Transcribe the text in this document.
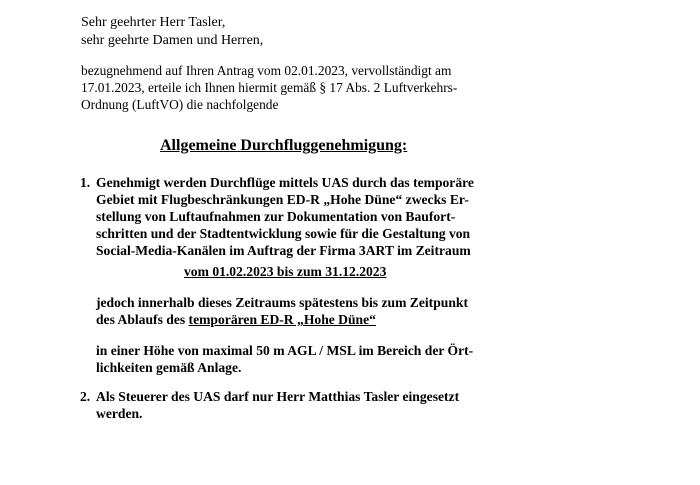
Sehr geehrter Herr Tasler,
sehr geehrte Damen und Herren,
bezugnehmend auf Ihren Antrag vom 02.01.2023, vervollständigt am
17.01.2023, erteile ich Ihnen hiermit gemäß § 17 Abs. 2 Luftverkehrs-
Ordnung (LuftVO) die nachfolgende
Allgemeine Durchfluggenehmigung:
1. Genehmigt werden Durchflüge mittels UAS durch das temporäre
Gebiet mit Flugbeschränkungen ED-R „Hohe Düne“ zwecks Er-
stellung von Luftaufnahmen zur Dokumentation von Baufort-
schritten und der Stadtentwicklung sowie für die Gestaltung von
Social-Media-Kanälen im Auftrag der Firma 3ART im Zeitraum
vom 01.02.2023 bis zum 31.12.2023
jedoch innerhalb dieses Zeitraums spätestens bis zum Zeitpunkt
des Ablaufs des temporären ED-R „Hohe Düne“
in einer Höhe von maximal 50 m AGL / MSL im Bereich der Ört-
lichkeiten gemäß Anlage.
2. Als Steuerer des UAS darf nur Herr Matthias Tasler eingesetzt
werden.
